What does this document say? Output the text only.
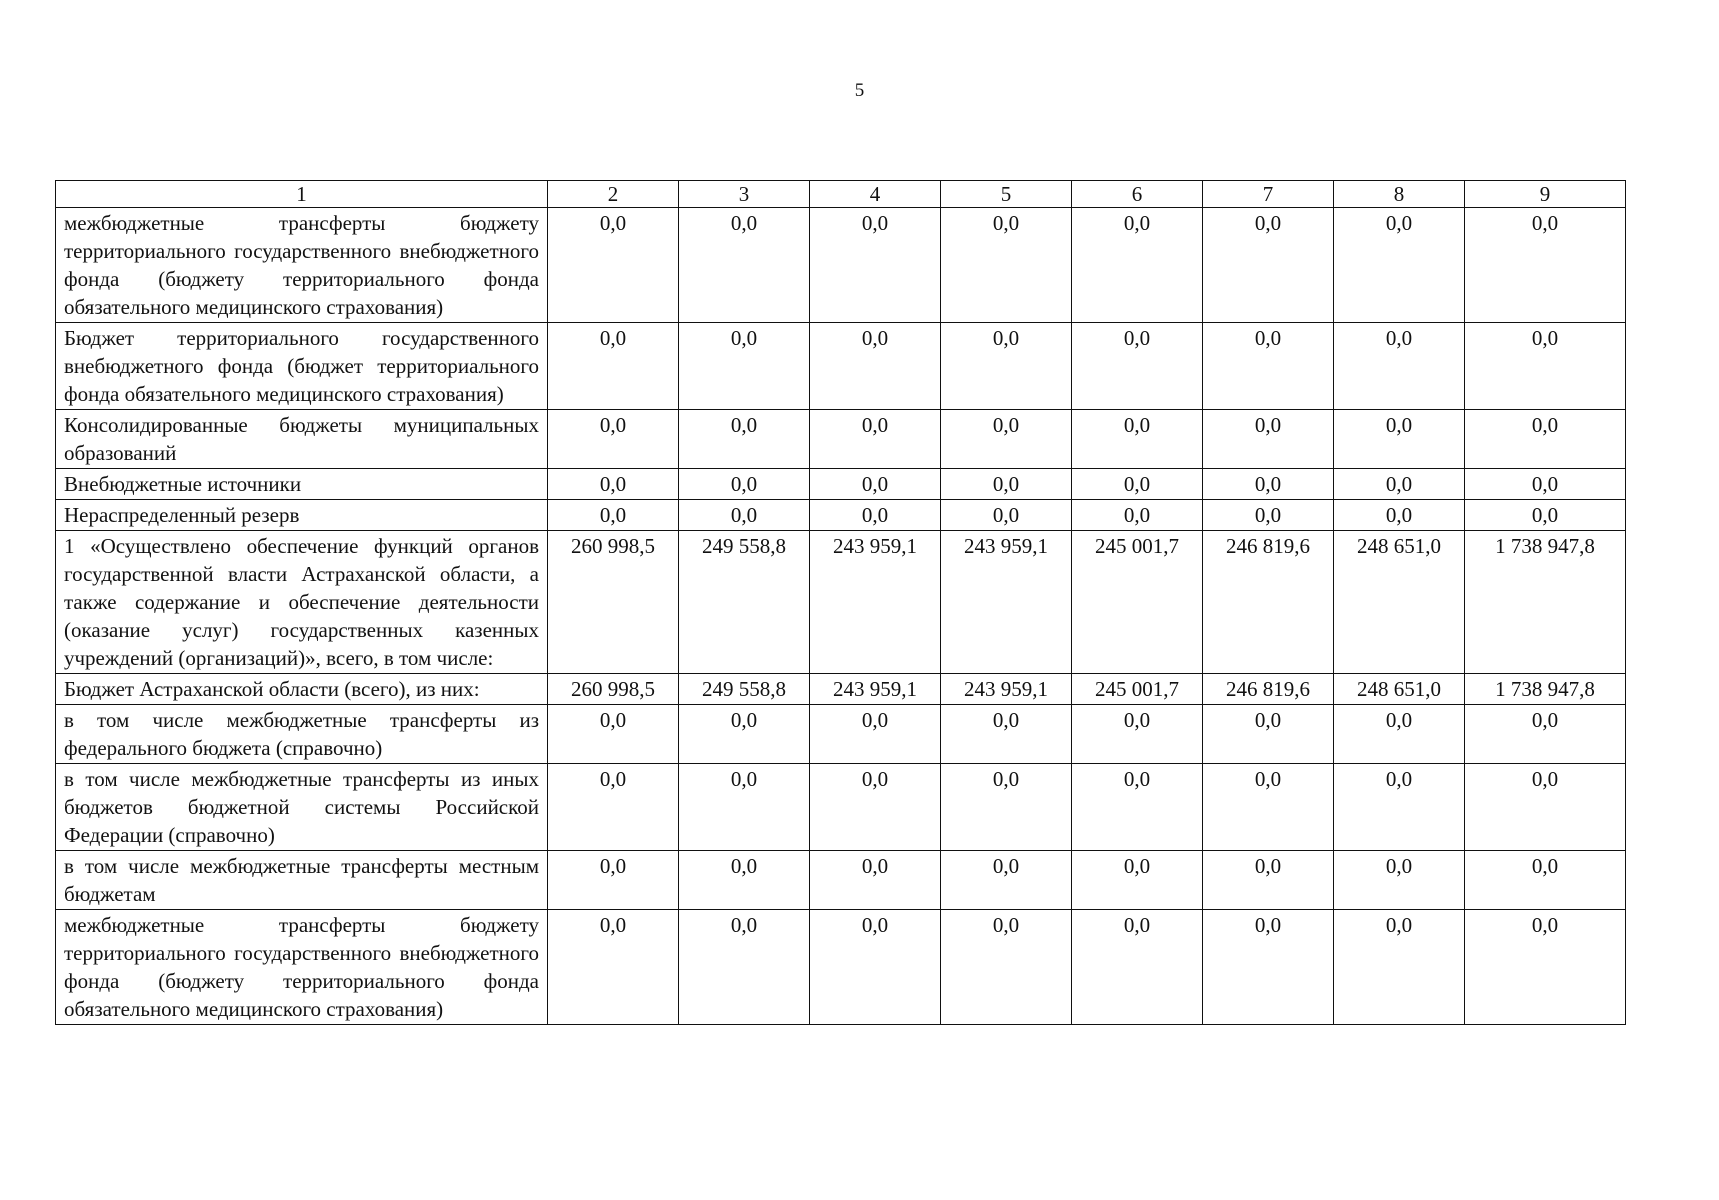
5
1	2	3	4	5	6	7	8	9
межбюджетные трансферты бюджету территориального государственного внебюджетного фонда (бюджету территориального фонда обязательного медицинского страхования)	0,0	0,0	0,0	0,0	0,0	0,0	0,0	0,0
Бюджет территориального государственного внебюджетного фонда (бюджет территориального фонда обязательного медицинского страхования)	0,0	0,0	0,0	0,0	0,0	0,0	0,0	0,0
Консолидированные бюджеты муниципальных образований	0,0	0,0	0,0	0,0	0,0	0,0	0,0	0,0
Внебюджетные источники	0,0	0,0	0,0	0,0	0,0	0,0	0,0	0,0
Нераспределенный резерв	0,0	0,0	0,0	0,0	0,0	0,0	0,0	0,0
1 «Осуществлено обеспечение функций органов государственной власти Астраханской области, а также содержание и обеспечение деятельности (оказание услуг) государственных казенных учреждений (организаций)», всего, в том числе:	260 998,5	249 558,8	243 959,1	243 959,1	245 001,7	246 819,6	248 651,0	1 738 947,8
Бюджет Астраханской области (всего), из них:	260 998,5	249 558,8	243 959,1	243 959,1	245 001,7	246 819,6	248 651,0	1 738 947,8
в том числе межбюджетные трансферты из федерального бюджета (справочно)	0,0	0,0	0,0	0,0	0,0	0,0	0,0	0,0
в том числе межбюджетные трансферты из иных бюджетов бюджетной системы Российской Федерации (справочно)	0,0	0,0	0,0	0,0	0,0	0,0	0,0	0,0
в том числе межбюджетные трансферты местным бюджетам	0,0	0,0	0,0	0,0	0,0	0,0	0,0	0,0
межбюджетные трансферты бюджету территориального государственного внебюджетного фонда (бюджету территориального фонда обязательного медицинского страхования)	0,0	0,0	0,0	0,0	0,0	0,0	0,0	0,0
